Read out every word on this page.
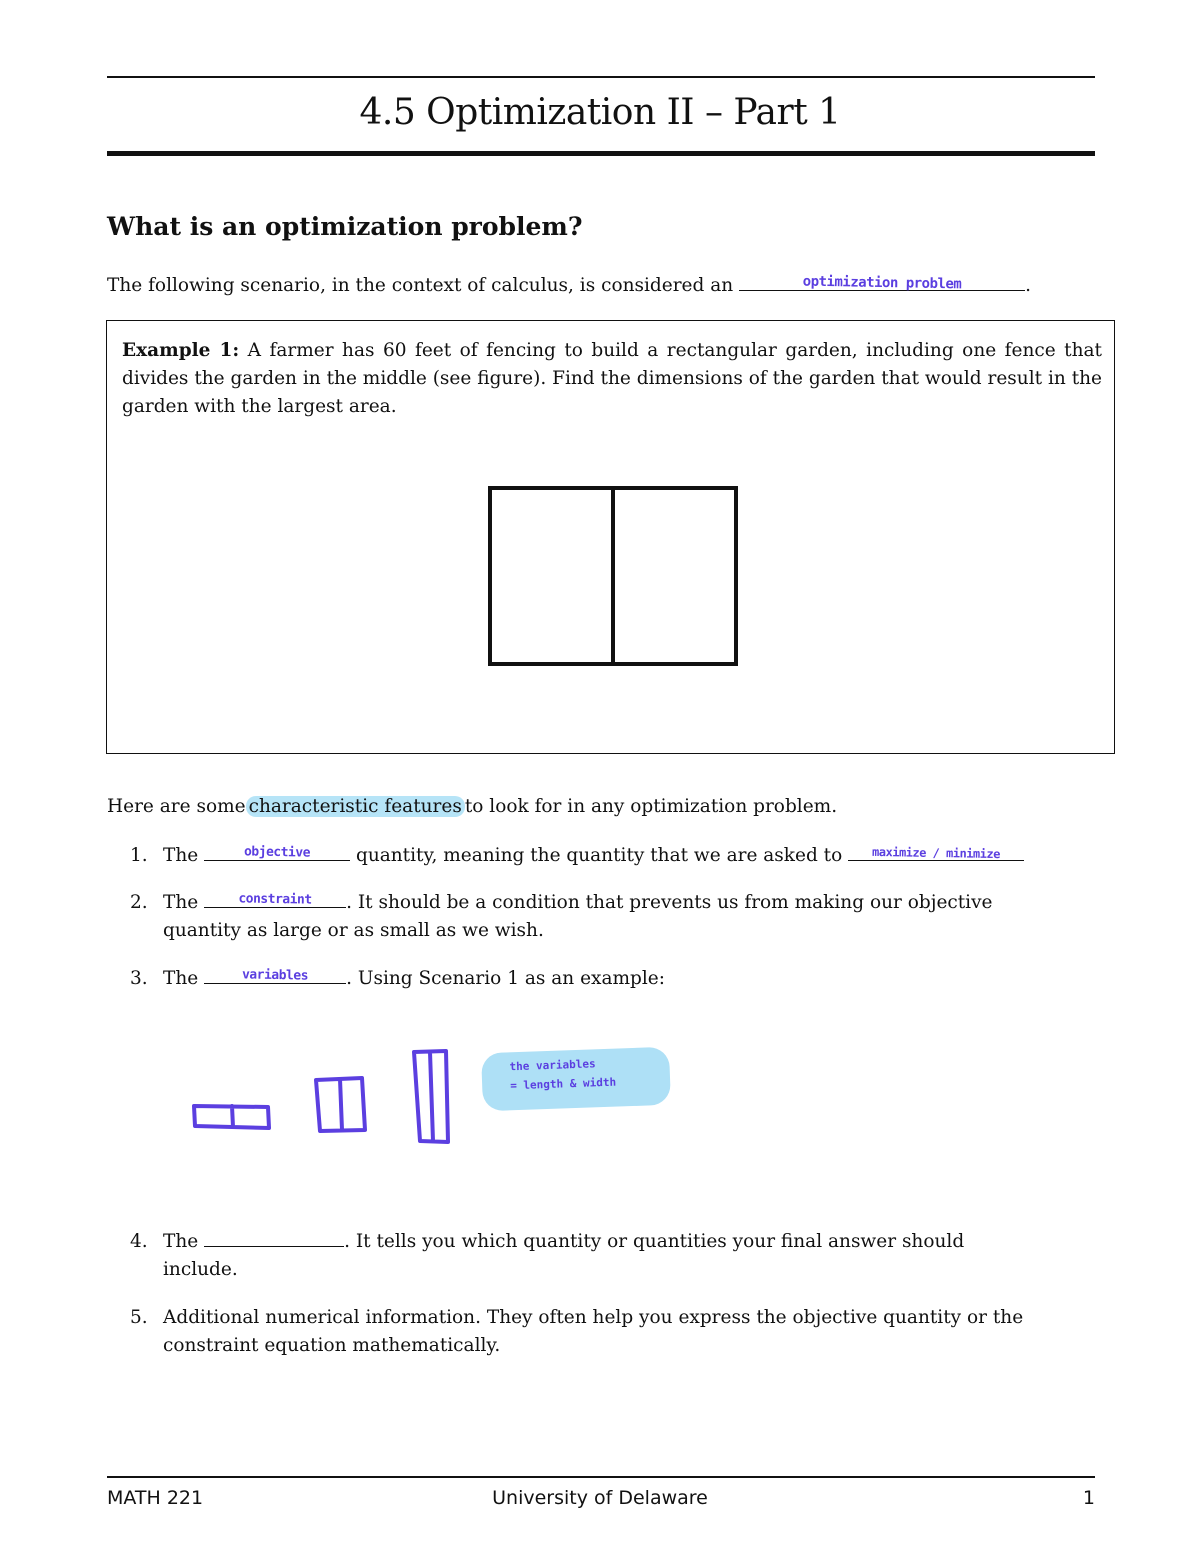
4.5 Optimization II – Part 1
What is an optimization problem?
The following scenario, in the context of calculus, is considered an	optimization problem	.
Example 1: A farmer has 60 feet of fencing to build a rectangular garden, including one fence that divides the garden in the middle (see figure). Find the dimensions of the garden that would result in the garden with the largest area.
Here are some characteristic features to look for in any optimization problem.
1. The	objective	quantity, meaning the quantity that we are asked to	maximize / minimize
2. The	constraint	. It should be a condition that prevents us from making our objective
quantity as large or as small as we wish.
3. The	variables	. Using Scenario 1 as an example:
the variables
= length & width
4. The	. It tells you which quantity or quantities your final answer should
include.
5. Additional numerical information. They often help you express the objective quantity or the
constraint equation mathematically.
MATH 221	University of Delaware	1
